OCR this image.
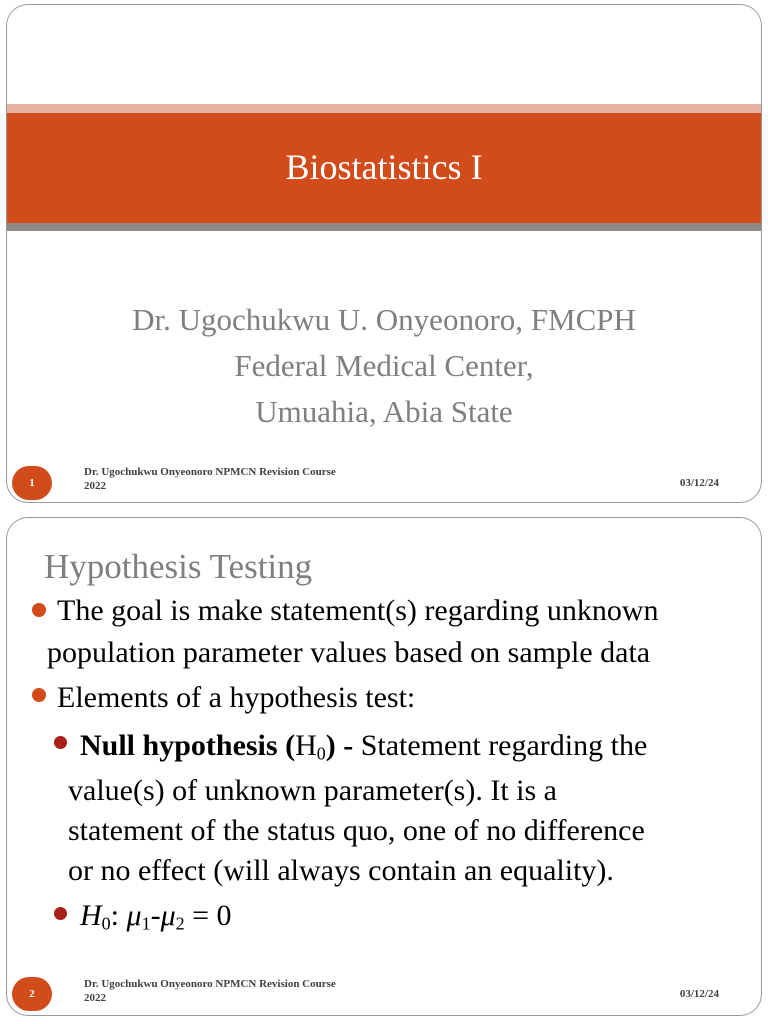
Biostatistics I
Dr. Ugochukwu U. Onyeonoro, FMCPH
Federal Medical Center,
Umuahia, Abia State
1
Dr. Ugochukwu Onyeonoro NPMCN Revision Course
2022	03/12/24
Hypothesis Testing
The goal is make statement(s) regarding unknown
population parameter values based on sample data
Elements of a hypothesis test:
Null hypothesis $(H_0)$ - Statement regarding the
value(s) of unknown parameter(s). It is a
statement of the status quo, one of no difference
or no effect (will always contain an equality).
$H_0$: $\mu_1-\mu_2 = 0$
2
Dr. Ugochukwu Onyeonoro NPMCN Revision Course
2022	03/12/24
